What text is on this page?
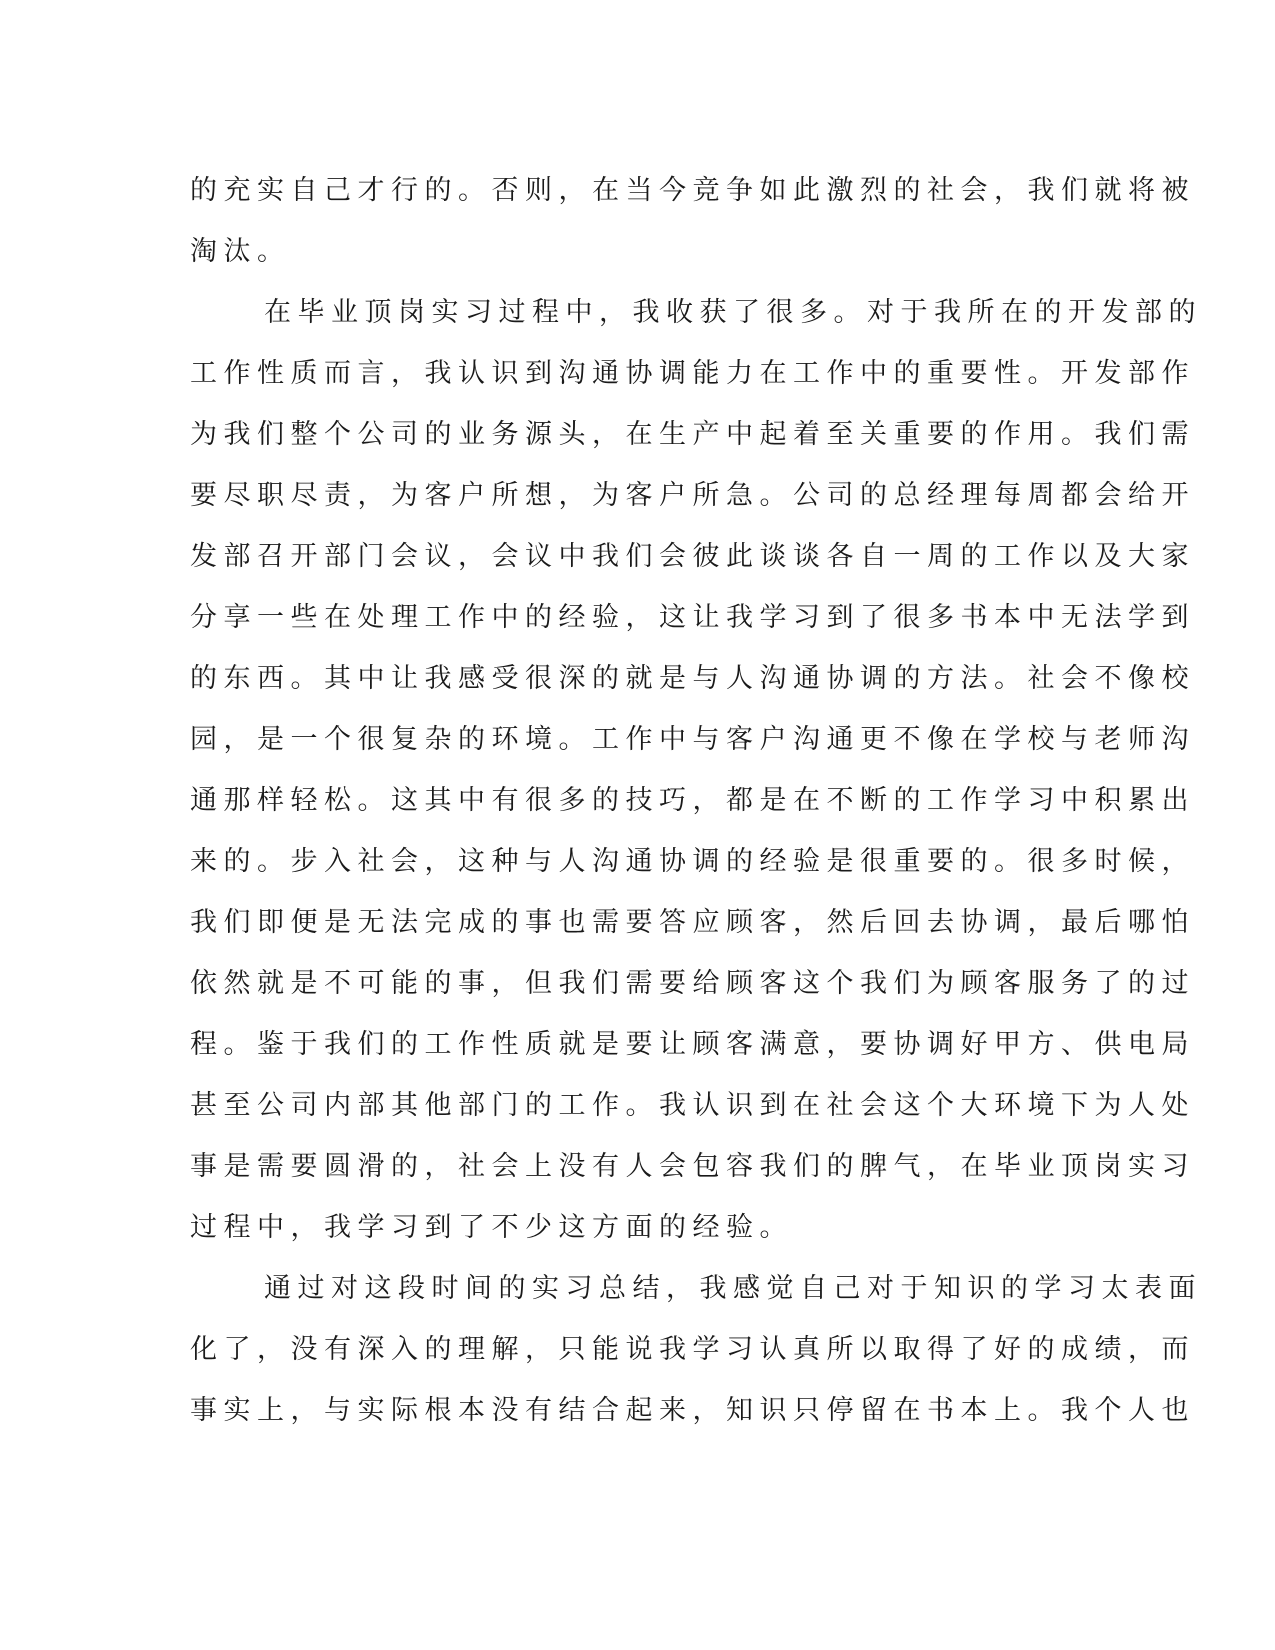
的充实自己才行的。否则，在当今竞争如此激烈的社会，我们就将被
淘汰。
在毕业顶岗实习过程中，我收获了很多。对于我所在的开发部的
工作性质而言，我认识到沟通协调能力在工作中的重要性。开发部作
为我们整个公司的业务源头，在生产中起着至关重要的作用。我们需
要尽职尽责，为客户所想，为客户所急。公司的总经理每周都会给开
发部召开部门会议，会议中我们会彼此谈谈各自一周的工作以及大家
分享一些在处理工作中的经验，这让我学习到了很多书本中无法学到
的东西。其中让我感受很深的就是与人沟通协调的方法。社会不像校
园，是一个很复杂的环境。工作中与客户沟通更不像在学校与老师沟
通那样轻松。这其中有很多的技巧，都是在不断的工作学习中积累出
来的。步入社会，这种与人沟通协调的经验是很重要的。很多时候，
我们即便是无法完成的事也需要答应顾客，然后回去协调，最后哪怕
依然就是不可能的事，但我们需要给顾客这个我们为顾客服务了的过
程。鉴于我们的工作性质就是要让顾客满意，要协调好甲方、供电局
甚至公司内部其他部门的工作。我认识到在社会这个大环境下为人处
事是需要圆滑的，社会上没有人会包容我们的脾气，在毕业顶岗实习
过程中，我学习到了不少这方面的经验。
通过对这段时间的实习总结，我感觉自己对于知识的学习太表面
化了，没有深入的理解，只能说我学习认真所以取得了好的成绩，而
事实上，与实际根本没有结合起来，知识只停留在书本上。我个人也
